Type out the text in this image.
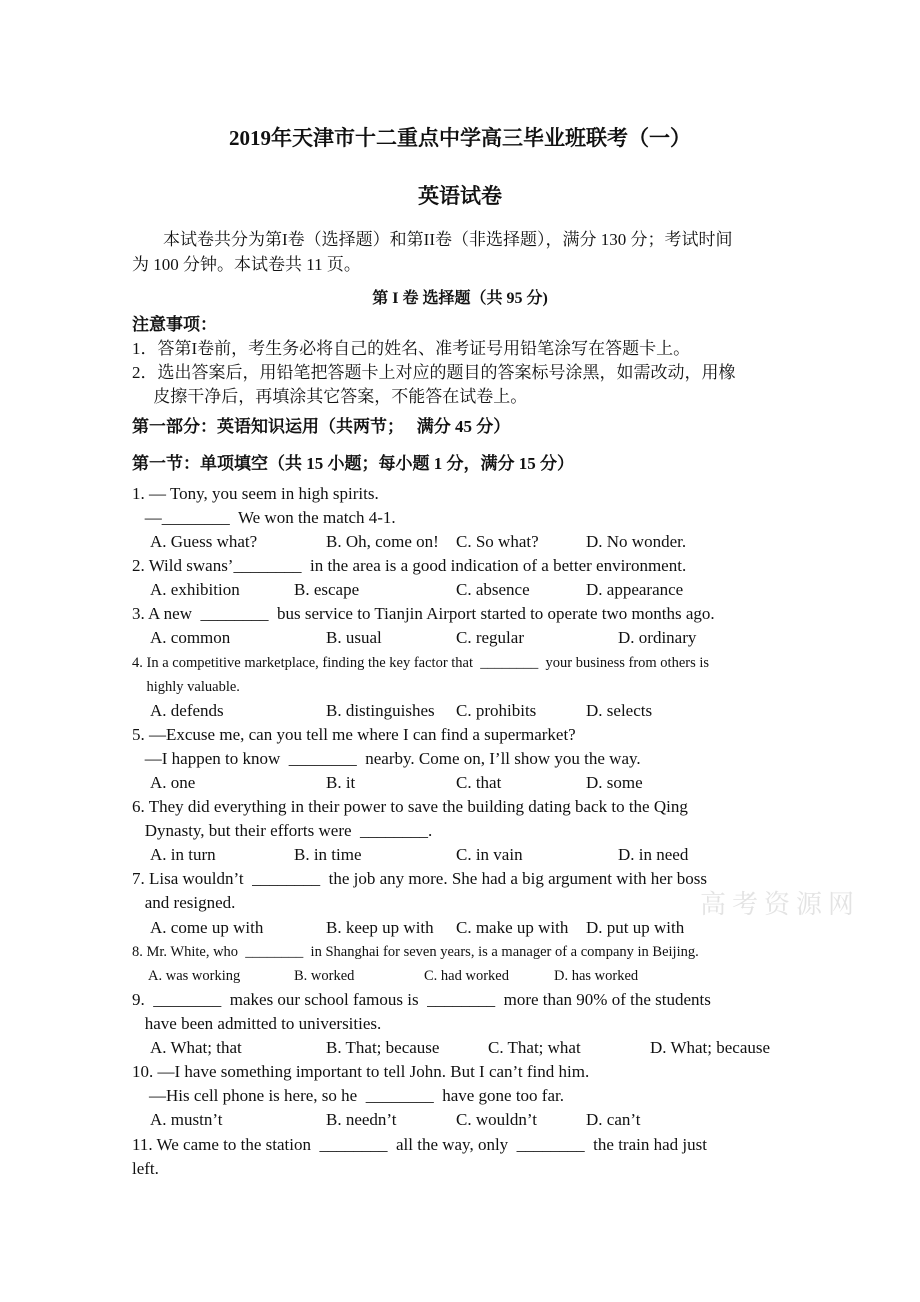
2019年天津市十二重点中学高三毕业班联考（一）
英语试卷
本试卷共分为第I卷（选择题）和第II卷（非选择题），满分 130 分；考试时间
为 100 分钟。本试卷共 11 页。
第 I 卷 选择题（共 95 分)
注意事项：
1．答第I卷前，考生务必将自己的姓名、准考证号用铅笔涂写在答题卡上。
2．选出答案后，用铅笔把答题卡上对应的题目的答案标号涂黑，如需改动，用橡
皮擦干净后，再填涂其它答案，不能答在试卷上。
第一部分：英语知识运用（共两节；   满分 45 分）
第一节：单项填空（共 15 小题；每小题 1 分，满分 15 分）
1. — Tony, you seem in high spirits.
—________  We won the match 4-1.
A. Guess what?	B. Oh, come on! C. So what?	D. No wonder.
2. Wild swans’________  in the area is a good indication of a better environment.
A. exhibition	B. escape	C. absence	D. appearance
3. A new  ________  bus service to Tianjin Airport started to operate two months ago.
A. common	B. usual	C. regular	D. ordinary
4. In a competitive marketplace, finding the key factor that  ________  your business from others is
highly valuable.
A. defends	B. distinguishes C. prohibits	D. selects
5. —Excuse me, can you tell me where I can find a supermarket?
—I happen to know  ________  nearby. Come on, I’ll show you the way.
A. one	B. it	C. that	D. some
6. They did everything in their power to save the building dating back to the Qing
Dynasty, but their efforts were  ________.
A. in turn	B. in time	C. in vain	D. in need
7. Lisa wouldn’t  ________  the job any more. She had a big argument with her boss
and resigned.
A. come up with	B. keep up with C. make up with D. put up with
高考资源网
8. Mr. White, who  ________  in Shanghai for seven years, is a manager of a company in Beijing.
A. was working	B. worked	C. had worked	D. has worked
9.  ________  makes our school famous is  ________  more than 90% of the students
have been admitted to universities.
A. What; that	B. That; because	C. That; what	D. What; because
10. —I have something important to tell John. But I can’t find him.
—His cell phone is here, so he  ________  have gone too far.
A. mustn’t	B. needn’t	C. wouldn’t	D. can’t
11. We came to the station  ________  all the way, only  ________  the train had just
left.
